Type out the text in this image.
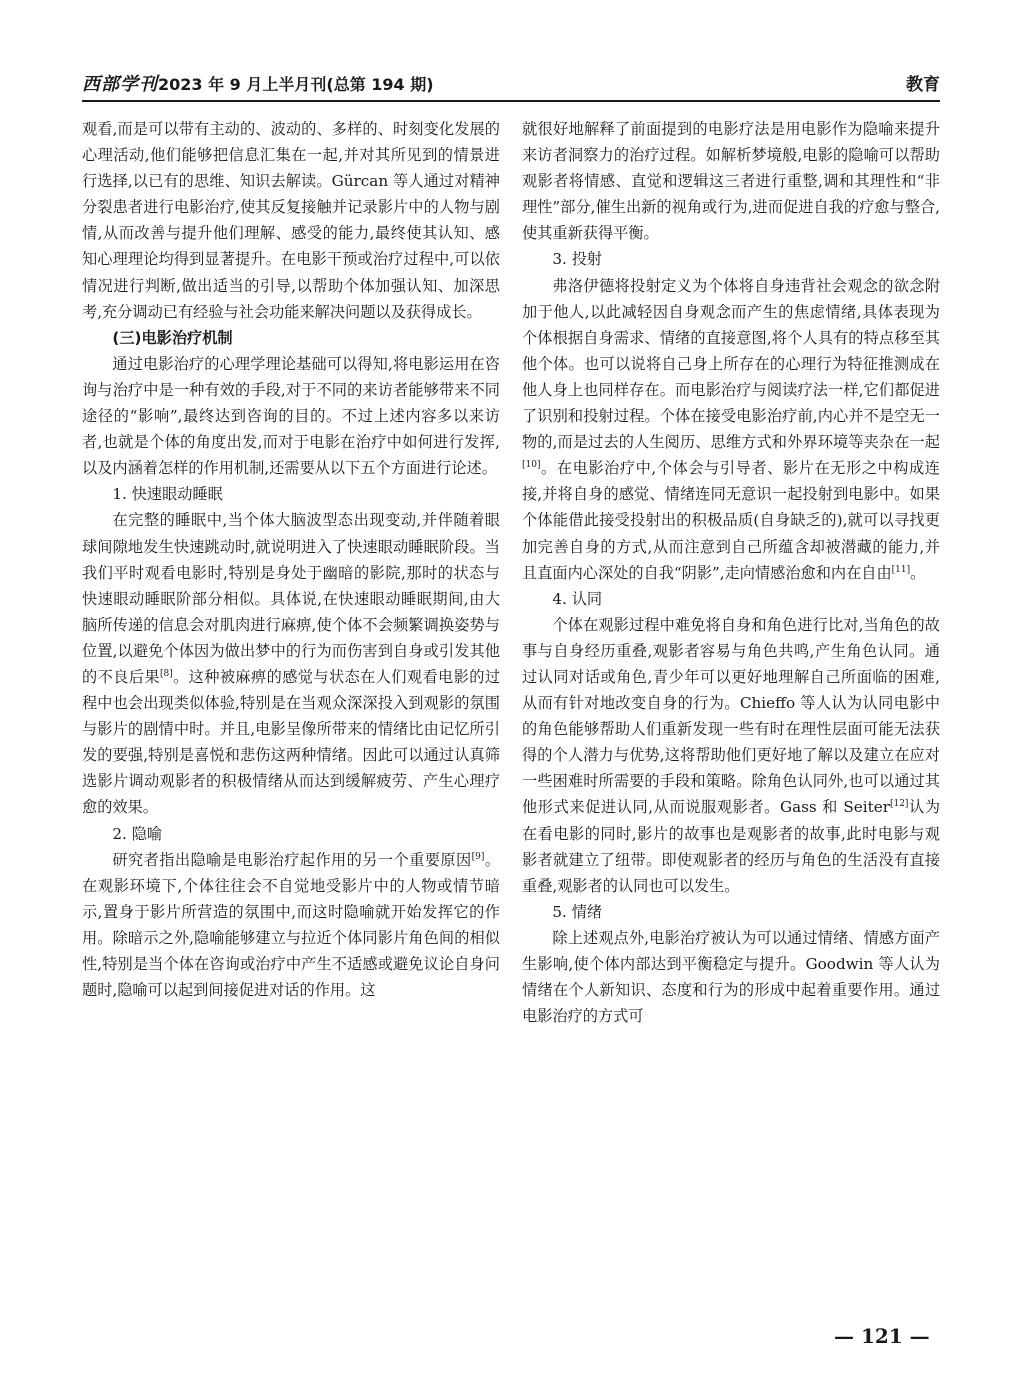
西部学刊 2023 年 9 月上半月刊(总第 194 期)	教育

观看,而是可以带有主动的、波动的、多样的、时刻变化发展的心理活动,他们能够把信息汇集在一起,并对其所见到的情景进行选择,以已有的思维、知识去解读。Gürcan 等人通过对精神分裂患者进行电影治疗,使其反复接触并记录影片中的人物与剧情,从而改善与提升他们理解、感受的能力,最终使其认知、感知心理理论均得到显著提升。在电影干预或治疗过程中,可以依情况进行判断,做出适当的引导,以帮助个体加强认知、加深思考,充分调动已有经验与社会功能来解决问题以及获得成长。

(三)电影治疗机制

通过电影治疗的心理学理论基础可以得知,将电影运用在咨询与治疗中是一种有效的手段,对于不同的来访者能够带来不同途径的“影响”,最终达到咨询的目的。不过上述内容多以来访者,也就是个体的角度出发,而对于电影在治疗中如何进行发挥,以及内涵着怎样的作用机制,还需要从以下五个方面进行论述。

1. 快速眼动睡眠

在完整的睡眠中,当个体大脑波型态出现变动,并伴随着眼球间隙地发生快速跳动时,就说明进入了快速眼动睡眠阶段。当我们平时观看电影时,特别是身处于幽暗的影院,那时的状态与快速眼动睡眠阶部分相似。具体说,在快速眼动睡眠期间,由大脑所传递的信息会对肌肉进行麻痹,使个体不会频繁调换姿势与位置,以避免个体因为做出梦中的行为而伤害到自身或引发其他的不良后果[8]。这种被麻痹的感觉与状态在人们观看电影的过程中也会出现类似体验,特别是在当观众深深投入到观影的氛围与影片的剧情中时。并且,电影呈像所带来的情绪比由记忆所引发的要强,特别是喜悦和悲伤这两种情绪。因此可以通过认真筛选影片调动观影者的积极情绪从而达到缓解疲劳、产生心理疗愈的效果。

2. 隐喻

研究者指出隐喻是电影治疗起作用的另一个重要原因[9]。在观影环境下,个体往往会不自觉地受影片中的人物或情节暗示,置身于影片所营造的氛围中,而这时隐喻就开始发挥它的作用。除暗示之外,隐喻能够建立与拉近个体同影片角色间的相似性,特别是当个体在咨询或治疗中产生不适感或避免议论自身问题时,隐喻可以起到间接促进对话的作用。这

就很好地解释了前面提到的电影疗法是用电影作为隐喻来提升来访者洞察力的治疗过程。如解析梦境般,电影的隐喻可以帮助观影者将情感、直觉和逻辑这三者进行重整,调和其理性和“非理性”部分,催生出新的视角或行为,进而促进自我的疗愈与整合,使其重新获得平衡。

3. 投射

弗洛伊德将投射定义为个体将自身违背社会观念的欲念附加于他人,以此减轻因自身观念而产生的焦虑情绪,具体表现为个体根据自身需求、情绪的直接意图,将个人具有的特点移至其他个体。也可以说将自己身上所存在的心理行为特征推测成在他人身上也同样存在。而电影治疗与阅读疗法一样,它们都促进了识别和投射过程。个体在接受电影治疗前,内心并不是空无一物的,而是过去的人生阅历、思维方式和外界环境等夹杂在一起[10]。在电影治疗中,个体会与引导者、影片在无形之中构成连接,并将自身的感觉、情绪连同无意识一起投射到电影中。如果个体能借此接受投射出的积极品质(自身缺乏的),就可以寻找更加完善自身的方式,从而注意到自己所蕴含却被潜藏的能力,并且直面内心深处的自我“阴影”,走向情感治愈和内在自由[11]。

4. 认同

个体在观影过程中难免将自身和角色进行比对,当角色的故事与自身经历重叠,观影者容易与角色共鸣,产生角色认同。通过认同对话或角色,青少年可以更好地理解自己所面临的困难,从而有针对地改变自身的行为。Chieffo 等人认为认同电影中的角色能够帮助人们重新发现一些有时在理性层面可能无法获得的个人潜力与优势,这将帮助他们更好地了解以及建立在应对一些困难时所需要的手段和策略。除角色认同外,也可以通过其他形式来促进认同,从而说服观影者。Gass 和 Seiter[12]认为在看电影的同时,影片的故事也是观影者的故事,此时电影与观影者就建立了纽带。即使观影者的经历与角色的生活没有直接重叠,观影者的认同也可以发生。

5. 情绪

除上述观点外,电影治疗被认为可以通过情绪、情感方面产生影响,使个体内部达到平衡稳定与提升。Goodwin 等人认为情绪在个人新知识、态度和行为的形成中起着重要作用。通过电影治疗的方式可

— 121 —
